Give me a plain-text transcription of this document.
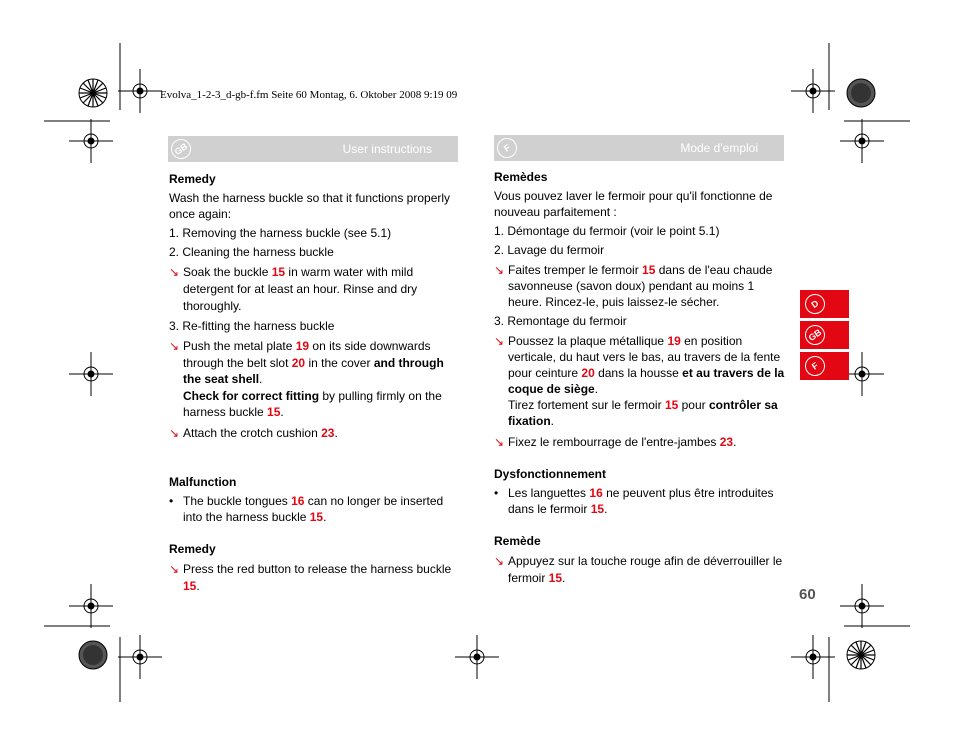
Evolva_1-2-3_d-gb-f.fm Seite 60 Montag, 6. Oktober 2008 9:19 09
GB	User instructions	F	Mode d'emploi
Remedy

Wash the harness buckle so that it functions properly once again:

1. Removing the harness buckle (see 5.1)

2. Cleaning the harness buckle

↘ Soak the buckle 15 in warm water with mild detergent for at least an hour. Rinse and dry thoroughly.

3. Re-fitting the harness buckle

↘ Push the metal plate 19 on its side downwards through the belt slot 20 in the cover and through the seat shell.
Check for correct fitting by pulling firmly on the harness buckle 15.
↘ Attach the crotch cushion 23.
Malfunction
• The buckle tongues 16 can no longer be inserted into the harness buckle 15.
Remedy
↘ Press the red button to release the harness buckle 15.
Remèdes

Vous pouvez laver le fermoir pour qu'il fonctionne de nouveau parfaitement :

1. Démontage du fermoir (voir le point 5.1)

2. Lavage du fermoir

↘ Faites tremper le fermoir 15 dans de l'eau chaude savonneuse (savon doux) pendant au moins 1 heure. Rincez-le, puis laissez-le sécher.

3. Remontage du fermoir

↘ Poussez la plaque métallique 19 en position verticale, du haut vers le bas, au travers de la fente pour ceinture 20 dans la housse et au travers de la coque de siège.
Tirez fortement sur le fermoir 15 pour contrôler sa fixation.
↘ Fixez le rembourrage de l'entre-jambes 23.
Dysfonctionnement
• Les languettes 16 ne peuvent plus être introduites dans le fermoir 15.
Remède
↘ Appuyez sur la touche rouge afin de déverrouiller le fermoir 15.
D
GB
F
60
